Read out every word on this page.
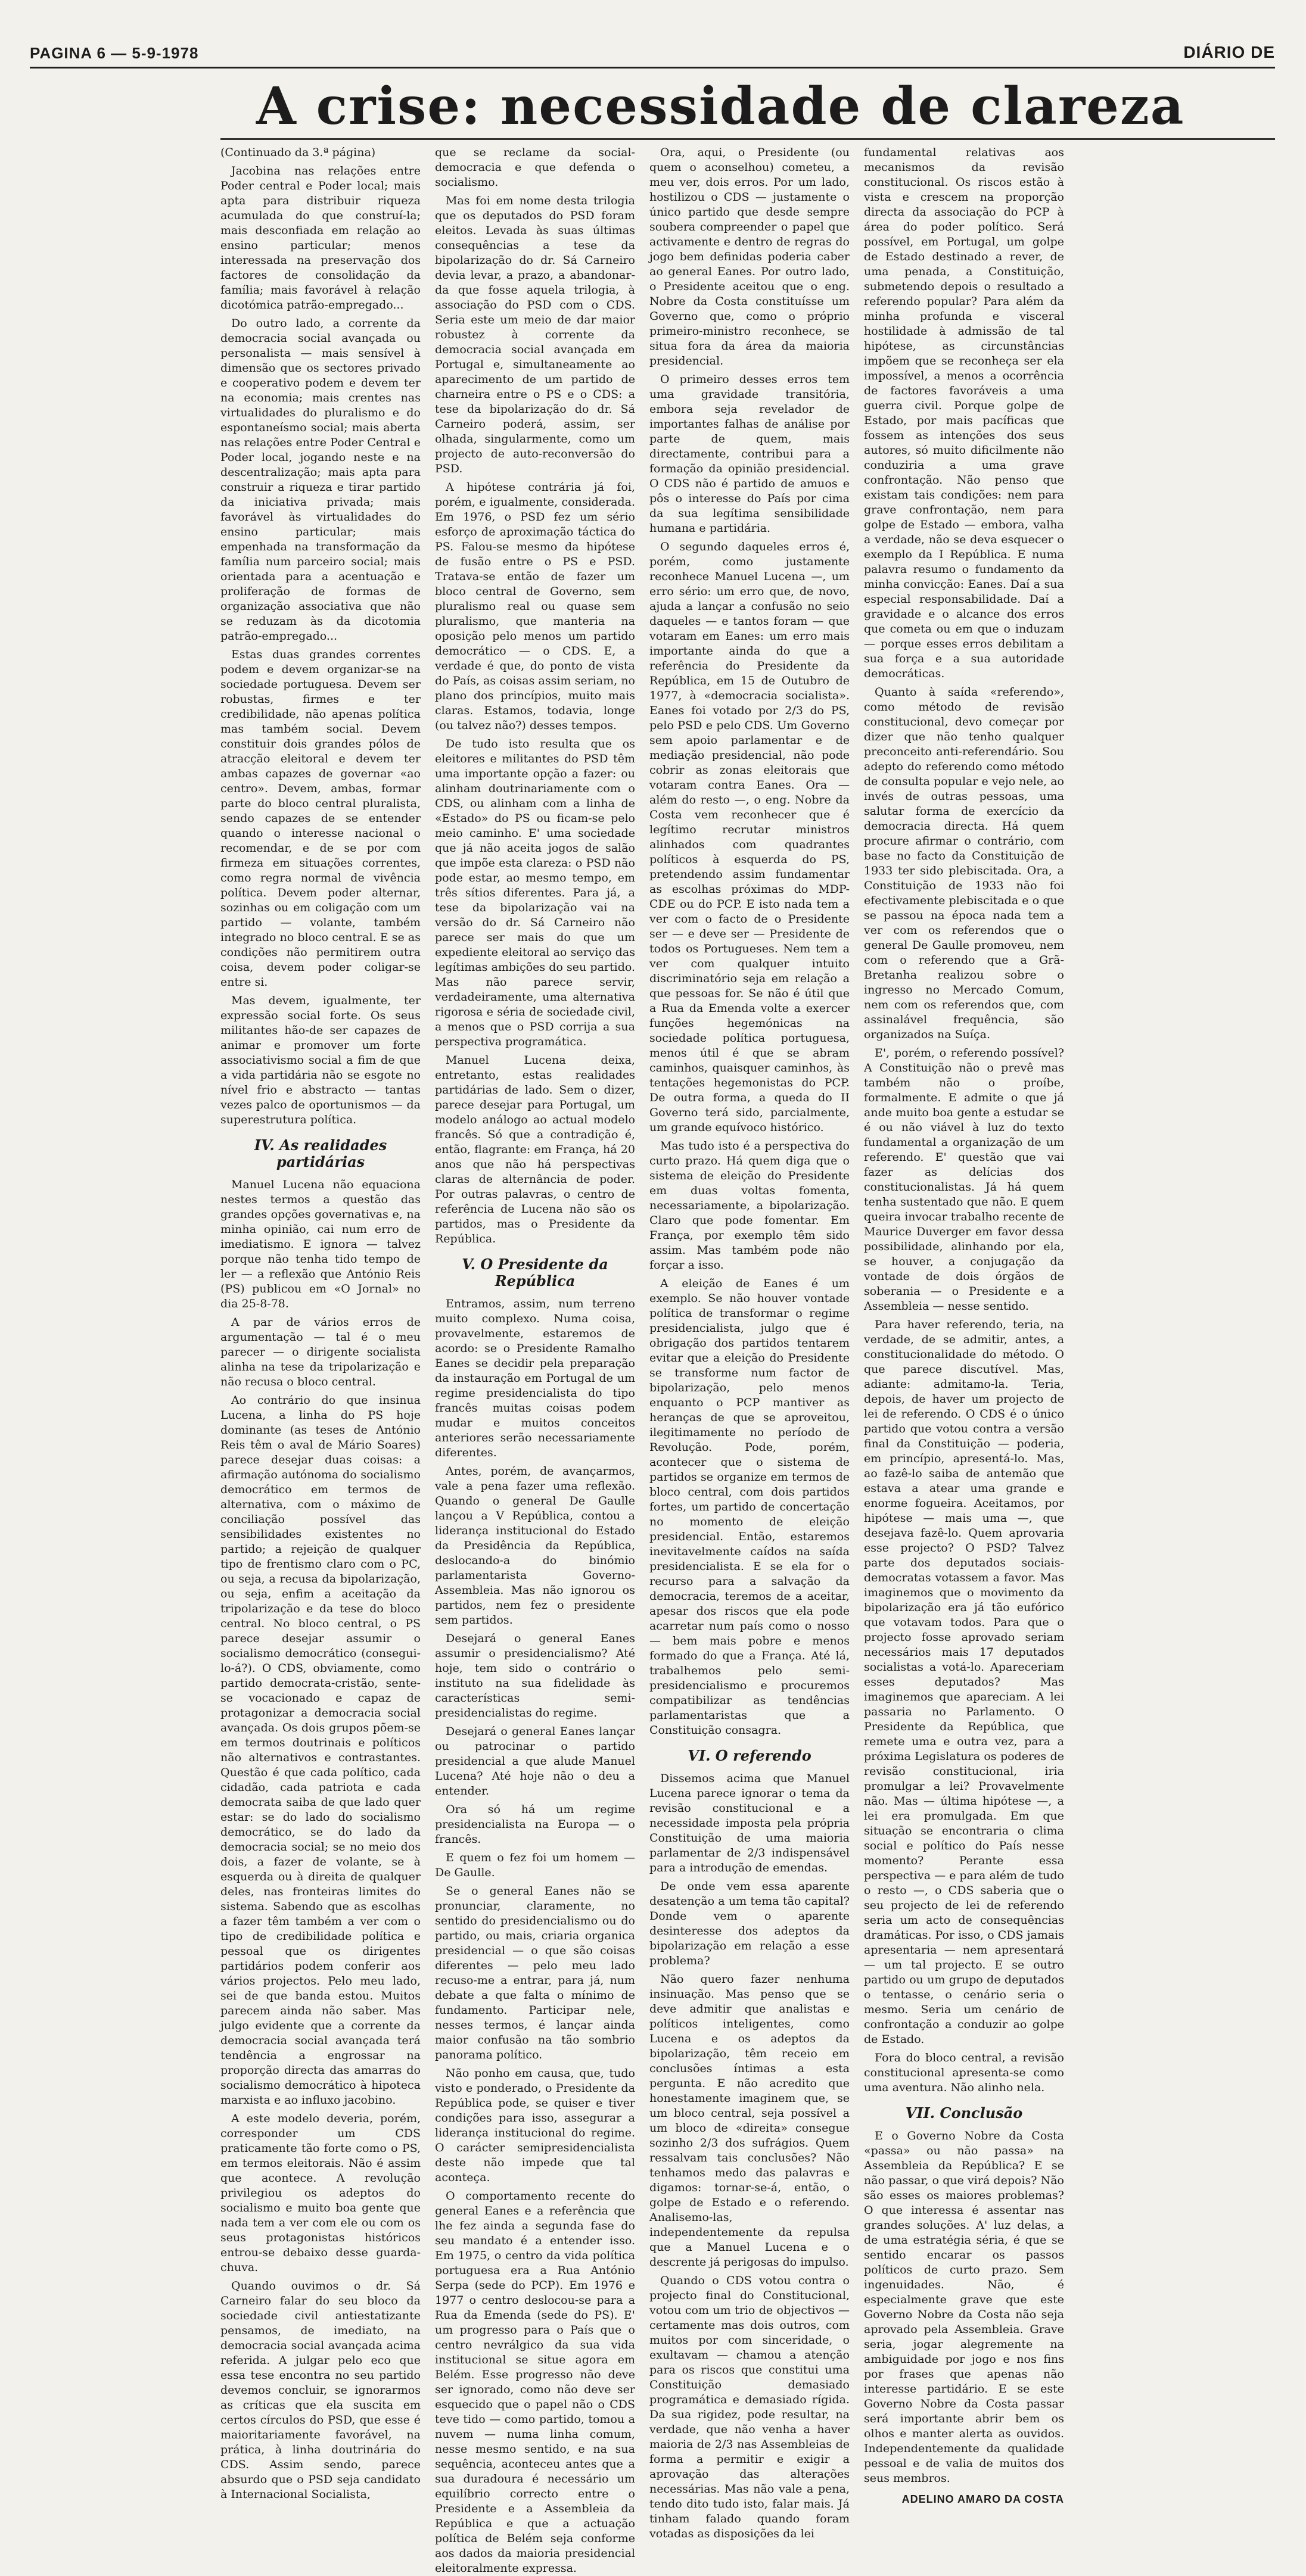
PAGINA 6 — 5-9-1978	DIÁRIO DE
A crise: necessidade de clareza

(Continuado da 3.ª página)

Jacobina nas relações entre Poder central e Poder local; mais apta para distribuir riqueza acumulada do que construí-la; mais desconfiada em relação ao ensino particular; menos interessada na preservação dos factores de consolidação da família; mais favorável à relação dicotómica patrão-empregado...

Do outro lado, a corrente da democracia social avançada ou personalista — mais sensível à dimensão que os sectores privado e cooperativo podem e devem ter na economia; mais crentes nas virtualidades do pluralismo e do espontaneísmo social; mais aberta nas relações entre Poder Central e Poder local, jogando neste e na descentralização; mais apta para construir a riqueza e tirar partido da iniciativa privada; mais favorável às virtualidades do ensino particular; mais empenhada na transformação da família num parceiro social; mais orientada para a acentuação e proliferação de formas de organização associativa que não se reduzam às da dicotomia patrão-empregado...

Estas duas grandes correntes podem e devem organizar-se na sociedade portuguesa. Devem ser robustas, firmes e ter credibilidade, não apenas política mas também social. Devem constituir dois grandes pólos de atracção eleitoral e devem ter ambas capazes de governar «ao centro». Devem, ambas, formar parte do bloco central pluralista, sendo capazes de se entender quando o interesse nacional o recomendar, e de se por com firmeza em situações correntes, como regra normal de vivência política. Devem poder alternar, sozinhas ou em coligação com um partido — volante, também integrado no bloco central. E se as condições não permitirem outra coisa, devem poder coligar-se entre si.

Mas devem, igualmente, ter expressão social forte. Os seus militantes hão-de ser capazes de animar e promover um forte associativismo social a fim de que a vida partidária não se esgote no nível frio e abstracto — tantas vezes palco de oportunismos — da superestrutura política.

IV. As realidades partidárias

Manuel Lucena não equaciona nestes termos a questão das grandes opções governativas e, na minha opinião, cai num erro de imediatismo. E ignora — talvez porque não tenha tido tempo de ler — a reflexão que António Reis (PS) publicou em «O Jornal» no dia 25-8-78.

A par de vários erros de argumentação — tal é o meu parecer — o dirigente socialista alinha na tese da tripolarização e não recusa o bloco central.

Ao contrário do que insinua Lucena, a linha do PS hoje dominante (as teses de António Reis têm o aval de Mário Soares) parece desejar duas coisas: a afirmação autónoma do socialismo democrático em termos de alternativa, com o máximo de conciliação possível das sensibilidades existentes no partido; a rejeição de qualquer tipo de frentismo claro com o PC, ou seja, a recusa da bipolarização, ou seja, enfim a aceitação da tripolarização e da tese do bloco central. No bloco central, o PS parece desejar assumir o socialismo democrático (consegui-lo-á?). O CDS, obviamente, como partido democrata-cristão, sente-se vocacionado e capaz de protagonizar a democracia social avançada. Os dois grupos põem-se em termos doutrinais e políticos não alternativos e contrastantes. Questão é que cada político, cada cidadão, cada patriota e cada democrata saiba de que lado quer estar: se do lado do socialismo democrático, se do lado da democracia social; se no meio dos dois, a fazer de volante, se à esquerda ou à direita de qualquer deles, nas fronteiras limites do sistema. Sabendo que as escolhas a fazer têm também a ver com o tipo de credibilidade política e pessoal que os dirigentes partidários podem conferir aos vários projectos. Pelo meu lado, sei de que banda estou. Muitos parecem ainda não saber. Mas julgo evidente que a corrente da democracia social avançada terá tendência a engrossar na proporção directa das amarras do socialismo democrático à hipoteca marxista e ao influxo jacobino.

A este modelo deveria, porém, corresponder um CDS praticamente tão forte como o PS, em termos eleitorais. Não é assim que acontece. A revolução privilegiou os adeptos do socialismo e muito boa gente que nada tem a ver com ele ou com os seus protagonistas históricos entrou-se debaixo desse guarda-chuva.

Quando ouvimos o dr. Sá Carneiro falar do seu bloco da sociedade civil antiestatizante pensamos, de imediato, na democracia social avançada acima referida. A julgar pelo eco que essa tese encontra no seu partido devemos concluir, se ignorarmos as críticas que ela suscita em certos círculos do PSD, que esse é maioritariamente favorável, na prática, à linha doutrinária do CDS. Assim sendo, parece absurdo que o PSD seja candidato à Internacional Socialista,

que se reclame da social-democracia e que defenda o socialismo.

Mas foi em nome desta trilogia que os deputados do PSD foram eleitos. Levada às suas últimas consequências a tese da bipolarização do dr. Sá Carneiro devia levar, a prazo, a abandonar-da que fosse aquela trilogia, à associação do PSD com o CDS. Seria este um meio de dar maior robustez à corrente da democracia social avançada em Portugal e, simultaneamente ao aparecimento de um partido de charneira entre o PS e o CDS: a tese da bipolarização do dr. Sá Carneiro poderá, assim, ser olhada, singularmente, como um projecto de auto-reconversão do PSD.

A hipótese contrária já foi, porém, e igualmente, considerada. Em 1976, o PSD fez um sério esforço de aproximação táctica do PS. Falou-se mesmo da hipótese de fusão entre o PS e PSD. Tratava-se então de fazer um bloco central de Governo, sem pluralismo real ou quase sem pluralismo, que manteria na oposição pelo menos um partido democrático — o CDS. E, a verdade é que, do ponto de vista do País, as coisas assim seriam, no plano dos princípios, muito mais claras. Estamos, todavia, longe (ou talvez não?) desses tempos.

De tudo isto resulta que os eleitores e militantes do PSD têm uma importante opção a fazer: ou alinham doutrinariamente com o CDS, ou alinham com a linha de «Estado» do PS ou ficam-se pelo meio caminho. E' uma sociedade que já não aceita jogos de salão que impõe esta clareza: o PSD não pode estar, ao mesmo tempo, em três sítios diferentes. Para já, a tese da bipolarização vai na versão do dr. Sá Carneiro não parece ser mais do que um expediente eleitoral ao serviço das legítimas ambições do seu partido. Mas não parece servir, verdadeiramente, uma alternativa rigorosa e séria de sociedade civil, a menos que o PSD corrija a sua perspectiva programática.

Manuel Lucena deixa, entretanto, estas realidades partidárias de lado. Sem o dizer, parece desejar para Portugal, um modelo análogo ao actual modelo francês. Só que a contradição é, então, flagrante: em França, há 20 anos que não há perspectivas claras de alternância de poder. Por outras palavras, o centro de referência de Lucena não são os partidos, mas o Presidente da República.

V. O Presidente da República

Entramos, assim, num terreno muito complexo. Numa coisa, provavelmente, estaremos de acordo: se o Presidente Ramalho Eanes se decidir pela preparação da instauração em Portugal de um regime presidencialista do tipo francês muitas coisas podem mudar e muitos conceitos anteriores serão necessariamente diferentes.

Antes, porém, de avançarmos, vale a pena fazer uma reflexão. Quando o general De Gaulle lançou a V República, contou a liderança institucional do Estado da Presidência da República, deslocando-a do binómio parlamentarista Governo-Assembleia. Mas não ignorou os partidos, nem fez o presidente sem partidos.

Desejará o general Eanes assumir o presidencialismo? Até hoje, tem sido o contrário o instituto na sua fidelidade às características semi-presidencialistas do regime.

Desejará o general Eanes lançar ou patrocinar o partido presidencial a que alude Manuel Lucena? Até hoje não o deu a entender.

Ora só há um regime presidencialista na Europa — o francês.

E quem o fez foi um homem — De Gaulle.

Se o general Eanes não se pronunciar, claramente, no sentido do presidencialismo ou do partido, ou mais, criaria organica presidencial — o que são coisas diferentes — pelo meu lado recuso-me a entrar, para já, num debate a que falta o mínimo de fundamento. Participar nele, nesses termos, é lançar ainda maior confusão na tão sombrio panorama político.

Não ponho em causa, que, tudo visto e ponderado, o Presidente da República pode, se quiser e tiver condições para isso, assegurar a liderança institucional do regime. O carácter semipresidencialista deste não impede que tal aconteça.

O comportamento recente do general Eanes e a referência que lhe fez ainda a segunda fase do seu mandato é a entender isso. Em 1975, o centro da vida política portuguesa era a Rua António Serpa (sede do PCP). Em 1976 e 1977 o centro deslocou-se para a Rua da Emenda (sede do PS). E' um progresso para o País que o centro nevrálgico da sua vida institucional se situe agora em Belém. Esse progresso não deve ser ignorado, como não deve ser esquecido que o papel não o CDS teve tido — como partido, tomou a nuvem — numa linha comum, nesse mesmo sentido, e na sua sequência, aconteceu antes que a sua duradoura é necessário um equilíbrio correcto entre o Presidente e a Assembleia da República e que a actuação política de Belém seja conforme aos dados da maioria presidencial eleitoralmente expressa.

Ora, aqui, o Presidente (ou quem o aconselhou) cometeu, a meu ver, dois erros. Por um lado, hostilizou o CDS — justamente o único partido que desde sempre soubera compreender o papel que activamente e dentro de regras do jogo bem definidas poderia caber ao general Eanes. Por outro lado, o Presidente aceitou que o eng. Nobre da Costa constituísse um Governo que, como o próprio primeiro-ministro reconhece, se situa fora da área da maioria presidencial.

O primeiro desses erros tem uma gravidade transitória, embora seja revelador de importantes falhas de análise por parte de quem, mais directamente, contribui para a formação da opinião presidencial. O CDS não é partido de amuos e pôs o interesse do País por cima da sua legítima sensibilidade humana e partidária.

O segundo daqueles erros é, porém, como justamente reconhece Manuel Lucena —, um erro sério: um erro que, de novo, ajuda a lançar a confusão no seio daqueles — e tantos foram — que votaram em Eanes: um erro mais importante ainda do que a referência do Presidente da República, em 15 de Outubro de 1977, à «democracia socialista». Eanes foi votado por 2/3 do PS, pelo PSD e pelo CDS. Um Governo sem apoio parlamentar e de mediação presidencial, não pode cobrir as zonas eleitorais que votaram contra Eanes. Ora — além do resto —, o eng. Nobre da Costa vem reconhecer que é legítimo recrutar ministros alinhados com quadrantes políticos à esquerda do PS, pretendendo assim fundamentar as escolhas próximas do MDP-CDE ou do PCP. E isto nada tem a ver com o facto de o Presidente ser — e deve ser — Presidente de todos os Portugueses. Nem tem a ver com qualquer intuito discriminatório seja em relação a que pessoas for. Se não é útil que a Rua da Emenda volte a exercer funções hegemónicas na sociedade política portuguesa, menos útil é que se abram caminhos, quaisquer caminhos, às tentações hegemonistas do PCP. De outra forma, a queda do II Governo terá sido, parcialmente, um grande equívoco histórico.

Mas tudo isto é a perspectiva do curto prazo. Há quem diga que o sistema de eleição do Presidente em duas voltas fomenta, necessariamente, a bipolarização. Claro que pode fomentar. Em França, por exemplo têm sido assim. Mas também pode não forçar a isso.

A eleição de Eanes é um exemplo. Se não houver vontade política de transformar o regime presidencialista, julgo que é obrigação dos partidos tentarem evitar que a eleição do Presidente se transforme num factor de bipolarização, pelo menos enquanto o PCP mantiver as heranças de que se aproveitou, ilegitimamente no período de Revolução. Pode, porém, acontecer que o sistema de partidos se organize em termos de bloco central, com dois partidos fortes, um partido de concertação no momento de eleição presidencial. Então, estaremos inevitavelmente caídos na saída presidencialista. E se ela for o recurso para a salvação da democracia, teremos de a aceitar, apesar dos riscos que ela pode acarretar num país como o nosso — bem mais pobre e menos formado do que a França. Até lá, trabalhemos pelo semi-presidencialismo e procuremos compatibilizar as tendências parlamentaristas que a Constituição consagra.

VI. O referendo

Dissemos acima que Manuel Lucena parece ignorar o tema da revisão constitucional e a necessidade imposta pela própria Constituição de uma maioria parlamentar de 2/3 indispensável para a introdução de emendas.

De onde vem essa aparente desatenção a um tema tão capital? Donde vem o aparente desinteresse dos adeptos da bipolarização em relação a esse problema?

Não quero fazer nenhuma insinuação. Mas penso que se deve admitir que analistas e políticos inteligentes, como Lucena e os adeptos da bipolarização, têm receio em conclusões íntimas a esta pergunta. E não acredito que honestamente imaginem que, se um bloco central, seja possível a um bloco de «direita» consegue sozinho 2/3 dos sufrágios. Quem ressalvam tais conclusões? Não tenhamos medo das palavras e digamos: tornar-se-á, então, o golpe de Estado e o referendo. Analisemo-las, independentemente da repulsa que a Manuel Lucena e o descrente já perigosas do impulso.

Quando o CDS votou contra o projecto final do Constitucional, votou com um trio de objectivos — certamente mas dois outros, com muitos por com sinceridade, o exultavam — chamou a atenção para os riscos que constitui uma Constituição demasiado programática e demasiado rígida. Da sua rigidez, pode resultar, na verdade, que não venha a haver maioria de 2/3 nas Assembleias de forma a permitir e exigir a aprovação das alterações necessárias. Mas não vale a pena, tendo dito tudo isto, falar mais. Já tinham falado quando foram votadas as disposições da lei

fundamental relativas aos mecanismos da revisão constitucional. Os riscos estão à vista e crescem na proporção directa da associação do PCP à área do poder político. Será possível, em Portugal, um golpe de Estado destinado a rever, de uma penada, a Constituição, submetendo depois o resultado a referendo popular? Para além da minha profunda e visceral hostilidade à admissão de tal hipótese, as circunstâncias impõem que se reconheça ser ela impossível, a menos a ocorrência de factores favoráveis a uma guerra civil. Porque golpe de Estado, por mais pacíficas que fossem as intenções dos seus autores, só muito dificilmente não conduziria a uma grave confrontação. Não penso que existam tais condições: nem para grave confrontação, nem para golpe de Estado — embora, valha a verdade, não se deva esquecer o exemplo da I República. E numa palavra resumo o fundamento da minha convicção: Eanes. Daí a sua especial responsabilidade. Daí a gravidade e o alcance dos erros que cometa ou em que o induzam — porque esses erros debilitam a sua força e a sua autoridade democráticas.

Quanto à saída «referendo», como método de revisão constitucional, devo começar por dizer que não tenho qualquer preconceito anti-referendário. Sou adepto do referendo como método de consulta popular e vejo nele, ao invés de outras pessoas, uma salutar forma de exercício da democracia directa. Há quem procure afirmar o contrário, com base no facto da Constituição de 1933 ter sido plebiscitada. Ora, a Constituição de 1933 não foi efectivamente plebiscitada e o que se passou na época nada tem a ver com os referendos que o general De Gaulle promoveu, nem com o referendo que a Grã-Bretanha realizou sobre o ingresso no Mercado Comum, nem com os referendos que, com assinalável frequência, são organizados na Suíça.

E', porém, o referendo possível? A Constituição não o prevê mas também não o proíbe, formalmente. E admite o que já ande muito boa gente a estudar se é ou não viável à luz do texto fundamental a organização de um referendo. E' questão que vai fazer as delícias dos constitucionalistas. Já há quem tenha sustentado que não. E quem queira invocar trabalho recente de Maurice Duverger em favor dessa possibilidade, alinhando por ela, se houver, a conjugação da vontade de dois órgãos de soberania — o Presidente e a Assembleia — nesse sentido.

Para haver referendo, teria, na verdade, de se admitir, antes, a constitucionalidade do método. O que parece discutível. Mas, adiante: admitamo-la. Teria, depois, de haver um projecto de lei de referendo. O CDS é o único partido que votou contra a versão final da Constituição — poderia, em princípio, apresentá-lo. Mas, ao fazê-lo saiba de antemão que estava a atear uma grande e enorme fogueira. Aceitamos, por hipótese — mais uma —, que desejava fazê-lo. Quem aprovaria esse projecto? O PSD? Talvez parte dos deputados sociais-democratas votassem a favor. Mas imaginemos que o movimento da bipolarização era já tão eufórico que votavam todos. Para que o projecto fosse aprovado seriam necessários mais 17 deputados socialistas a votá-lo. Apareceriam esses deputados? Mas imaginemos que apareciam. A lei passaria no Parlamento. O Presidente da República, que remete uma e outra vez, para a próxima Legislatura os poderes de revisão constitucional, iria promulgar a lei? Provavelmente não. Mas — última hipótese —, a lei era promulgada. Em que situação se encontraria o clima social e político do País nesse momento? Perante essa perspectiva — e para além de tudo o resto —, o CDS saberia que o seu projecto de lei de referendo seria um acto de consequências dramáticas. Por isso, o CDS jamais apresentaria — nem apresentará — um tal projecto. E se outro partido ou um grupo de deputados o tentasse, o cenário seria o mesmo. Seria um cenário de confrontação a conduzir ao golpe de Estado.

Fora do bloco central, a revisão constitucional apresenta-se como uma aventura. Não alinho nela.

VII. Conclusão

E o Governo Nobre da Costa «passa» ou não passa» na Assembleia da República? E se não passar, o que virá depois? Não são esses os maiores problemas? O que interessa é assentar nas grandes soluções. A' luz delas, a de uma estratégia séria, é que se sentido encarar os passos políticos de curto prazo. Sem ingenuidades. Não, é especialmente grave que este Governo Nobre da Costa não seja aprovado pela Assembleia. Grave seria, jogar alegremente na ambiguidade por jogo e nos fins por frases que apenas não interesse partidário. E se este Governo Nobre da Costa passar será importante abrir bem os olhos e manter alerta as ouvidos. Independentemente da qualidade pessoal e de valia de muitos dos seus membros.

ADELINO AMARO DA COSTA
